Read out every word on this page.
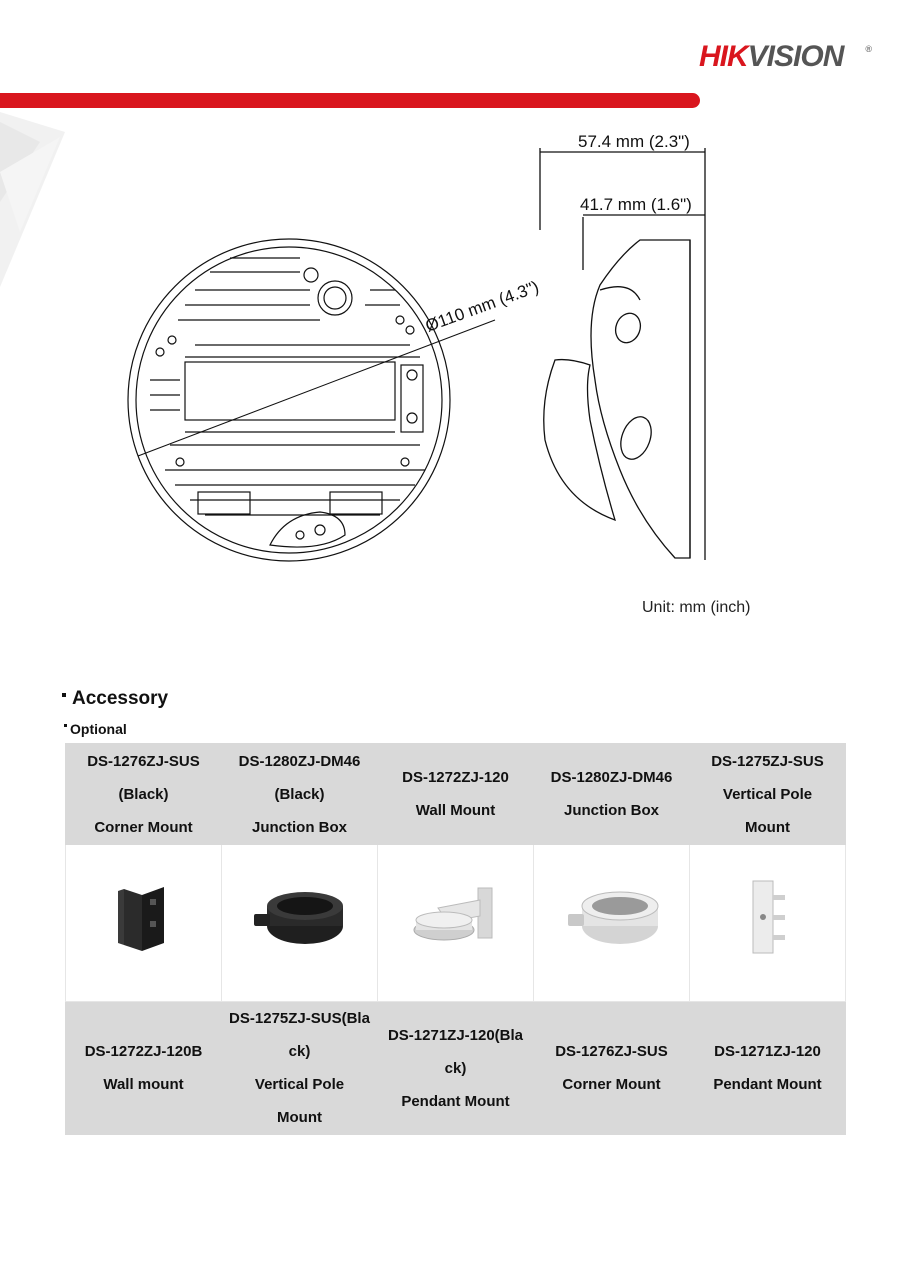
HIKVISION ®
Ø110 mm (4.3")
57.4 mm (2.3")
41.7 mm (1.6")
Unit: mm (inch)
Accessory
Optional
DS-1276ZJ-SUS
(Black)
Corner Mount	DS-1280ZJ-DM46
(Black)
Junction Box	DS-1272ZJ-120
Wall Mount	DS-1280ZJ-DM46
Junction Box	DS-1275ZJ-SUS
Vertical Pole
Mount

DS-1272ZJ-120B
Wall mount	DS-1275ZJ-SUS(Black)
Vertical Pole
Mount	DS-1271ZJ-120(Black)
Pendant Mount	DS-1276ZJ-SUS
Corner Mount	DS-1271ZJ-120
Pendant Mount
